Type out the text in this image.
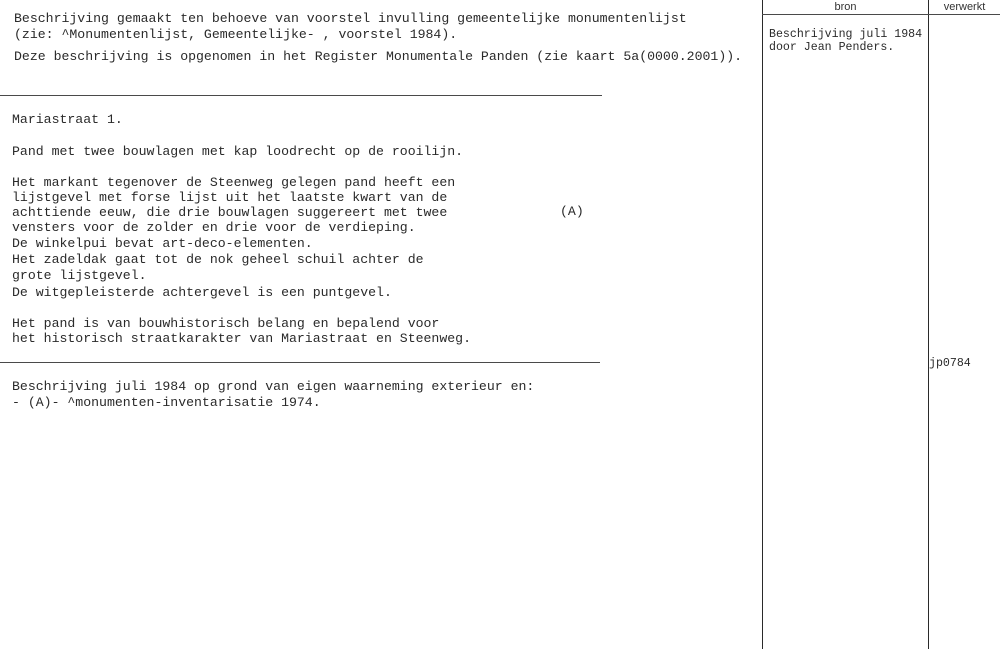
Beschrijving gemaakt ten behoeve van voorstel invulling gemeentelijke monumentenlijst
(zie: ^Monumentenlijst, Gemeentelijke- , voorstel 1984).
Deze beschrijving is opgenomen in het Register Monumentale Panden (zie kaart 5a(0000.2001)).
Mariastraat 1.
Pand met twee bouwlagen met kap loodrecht op de rooilijn.
Het markant tegenover de Steenweg gelegen pand heeft een
lijstgevel met forse lijst uit het laatste kwart van de
achttiende eeuw, die drie bouwlagen suggereert met twee
vensters voor de zolder en drie voor de verdieping.
De winkelpui bevat art-deco-elementen.
Het zadeldak gaat tot de nok geheel schuil achter de
grote lijstgevel.
De witgepleisterde achtergevel is een puntgevel.
(A)
Het pand is van bouwhistorisch belang en bepalend voor
het historisch straatkarakter van Mariastraat en Steenweg.
Beschrijving juli 1984 op grond van eigen waarneming exterieur en:
- (A)- ^monumenten-inventarisatie 1974.
bron	verwerkt
Beschrijving juli 1984
door Jean Penders.
jp0784
